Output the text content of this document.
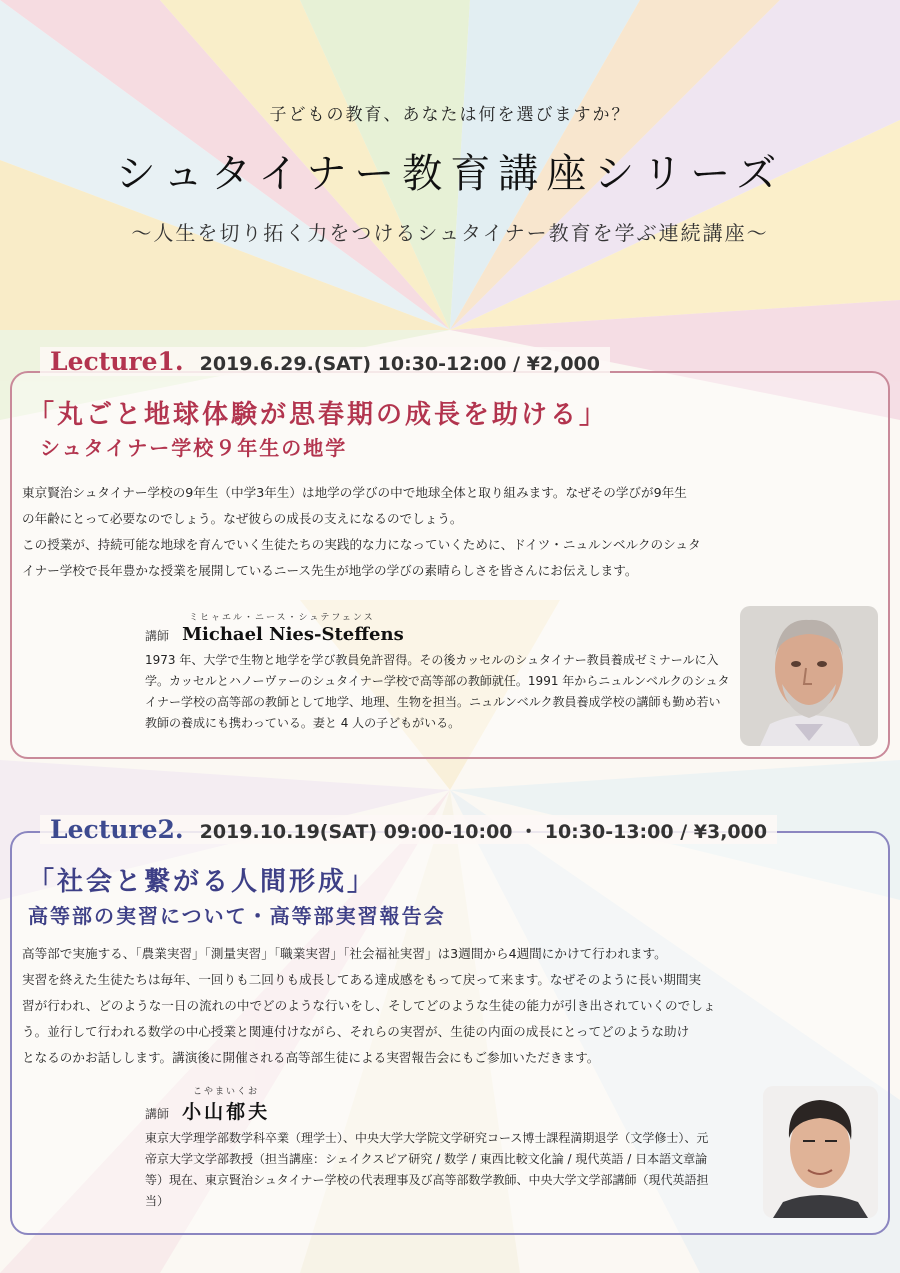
子どもの教育、あなたは何を選びますか？
シュタイナー教育講座シリーズ
～人生を切り拓く力をつけるシュタイナー教育を学ぶ連続講座～
Lecture1. 2019.6.29.(SAT) 10:30-12:00 / ¥2,000
「丸ごと地球体験が思春期の成長を助ける」
シュタイナー学校９年生の地学
東京賢治シュタイナー学校の9年生（中学3年生）は地学の学びの中で地球全体と取り組みます。なぜその学びが9年生
の年齢にとって必要なのでしょう。なぜ彼らの成長の支えになるのでしょう。
この授業が、持続可能な地球を育んでいく生徒たちの実践的な力になっていくために、ドイツ・ニュルンベルクのシュタ
イナー学校で長年豊かな授業を展開しているニース先生が地学の学びの素晴らしさを皆さんにお伝えします。
ミヒャエル・ニース・シュテフェンス
講師 Michael Nies-Steffens
1973 年、大学で生物と地学を学び教員免許習得。その後カッセルのシュタイナー教員養成ゼミナールに入
学。カッセルとハノーヴァーのシュタイナー学校で高等部の教師就任。1991 年からニュルンベルクのシュタ
イナー学校の高等部の教師として地学、地理、生物を担当。ニュルンベルク教員養成学校の講師も勤め若い
教師の養成にも携わっている。妻と 4 人の子どもがいる。
Lecture2. 2019.10.19(SAT) 09:00-10:00 ・ 10:30-13:00 / ¥3,000
「社会と繋がる人間形成」
高等部の実習について・高等部実習報告会
高等部で実施する、「農業実習」「測量実習」「職業実習」「社会福祉実習」は3週間から4週間にかけて行われます。
実習を終えた生徒たちは毎年、一回りも二回りも成長してある達成感をもって戻って来ます。なぜそのように長い期間実
習が行われ、どのような一日の流れの中でどのような行いをし、そしてどのような生徒の能力が引き出されていくのでしょ
う。並行して行われる数学の中心授業と関連付けながら、それらの実習が、生徒の内面の成長にとってどのような助け
となるのかお話しします。講演後に開催される高等部生徒による実習報告会にもご参加いただきます。
こやまいくお
講師 小山郁夫
東京大学理学部数学科卒業（理学士）、中央大学大学院文学研究コース博士課程満期退学（文学修士）、元
帝京大学文学部教授（担当講座：シェイクスピア研究 / 数学 / 東西比較文化論 / 現代英語 / 日本語文章論
等）現在、東京賢治シュタイナー学校の代表理事及び高等部数学教師、中央大学文学部講師（現代英語担
当）
